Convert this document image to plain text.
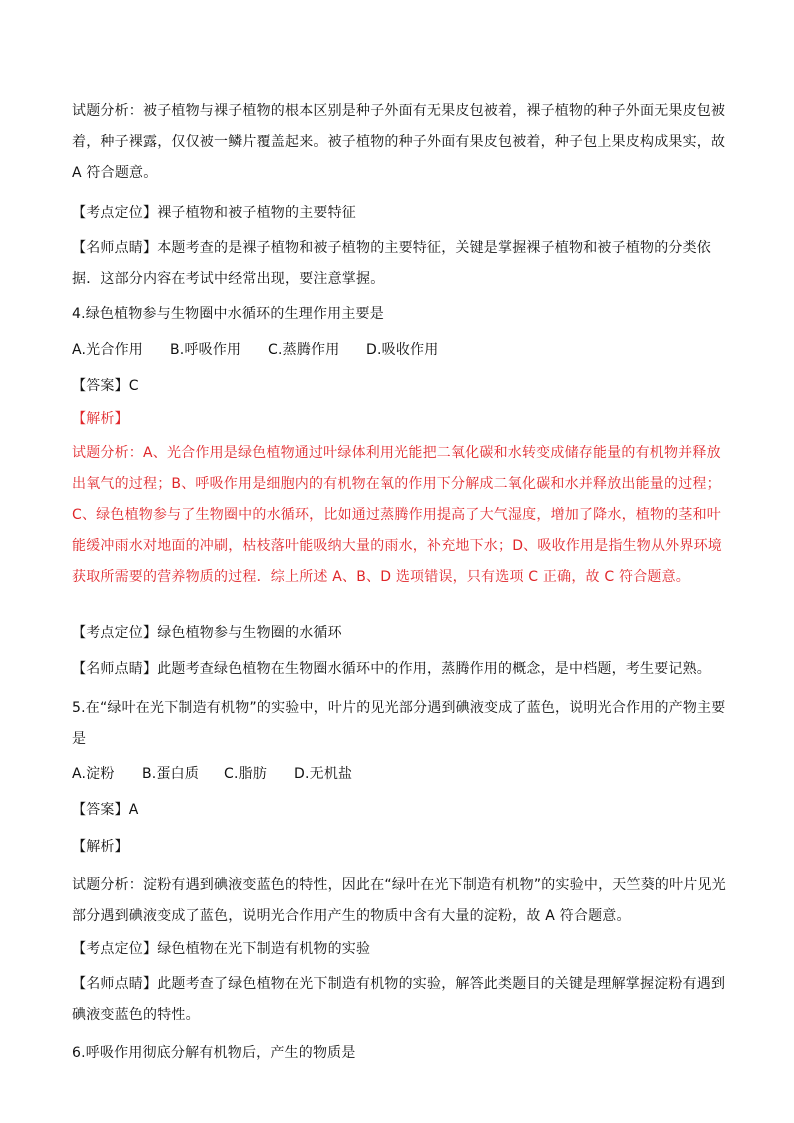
试题分析：被子植物与裸子植物的根本区别是种子外面有无果皮包被着，裸子植物的种子外面无果皮包被着，种子裸露，仅仅被一鳞片覆盖起来。被子植物的种子外面有果皮包被着，种子包上果皮构成果实，故 A 符合题意。
【考点定位】裸子植物和被子植物的主要特征
【名师点睛】本题考查的是裸子植物和被子植物的主要特征，关键是掌握裸子植物和被子植物的分类依据．这部分内容在考试中经常出现，要注意掌握。
4.绿色植物参与生物圈中水循环的生理作用主要是
A.光合作用 B.呼吸作用 C.蒸腾作用 D.吸收作用
【答案】C
【解析】
试题分析：A、光合作用是绿色植物通过叶绿体利用光能把二氧化碳和水转变成储存能量的有机物并释放出氧气的过程；B、呼吸作用是细胞内的有机物在氧的作用下分解成二氧化碳和水并释放出能量的过程；C、绿色植物参与了生物圈中的水循环，比如通过蒸腾作用提高了大气湿度，增加了降水，植物的茎和叶能缓冲雨水对地面的冲刷，枯枝落叶能吸纳大量的雨水，补充地下水；D、吸收作用是指生物从外界环境获取所需要的营养物质的过程．综上所述 A、B、D 选项错误，只有选项 C 正确，故 C 符合题意。
【考点定位】绿色植物参与生物圈的水循环
【名师点睛】此题考查绿色植物在生物圈水循环中的作用，蒸腾作用的概念，是中档题，考生要记熟。
5.在“绿叶在光下制造有机物”的实验中，叶片的见光部分遇到碘液变成了蓝色，说明光合作用的产物主要是
A.淀粉 B.蛋白质 C.脂肪 D.无机盐
【答案】A
【解析】
试题分析：淀粉有遇到碘液变蓝色的特性，因此在“绿叶在光下制造有机物”的实验中，天竺葵的叶片见光部分遇到碘液变成了蓝色，说明光合作用产生的物质中含有大量的淀粉，故 A 符合题意。
【考点定位】绿色植物在光下制造有机物的实验
【名师点睛】此题考查了绿色植物在光下制造有机物的实验，解答此类题目的关键是理解掌握淀粉有遇到碘液变蓝色的特性。
6.呼吸作用彻底分解有机物后，产生的物质是
